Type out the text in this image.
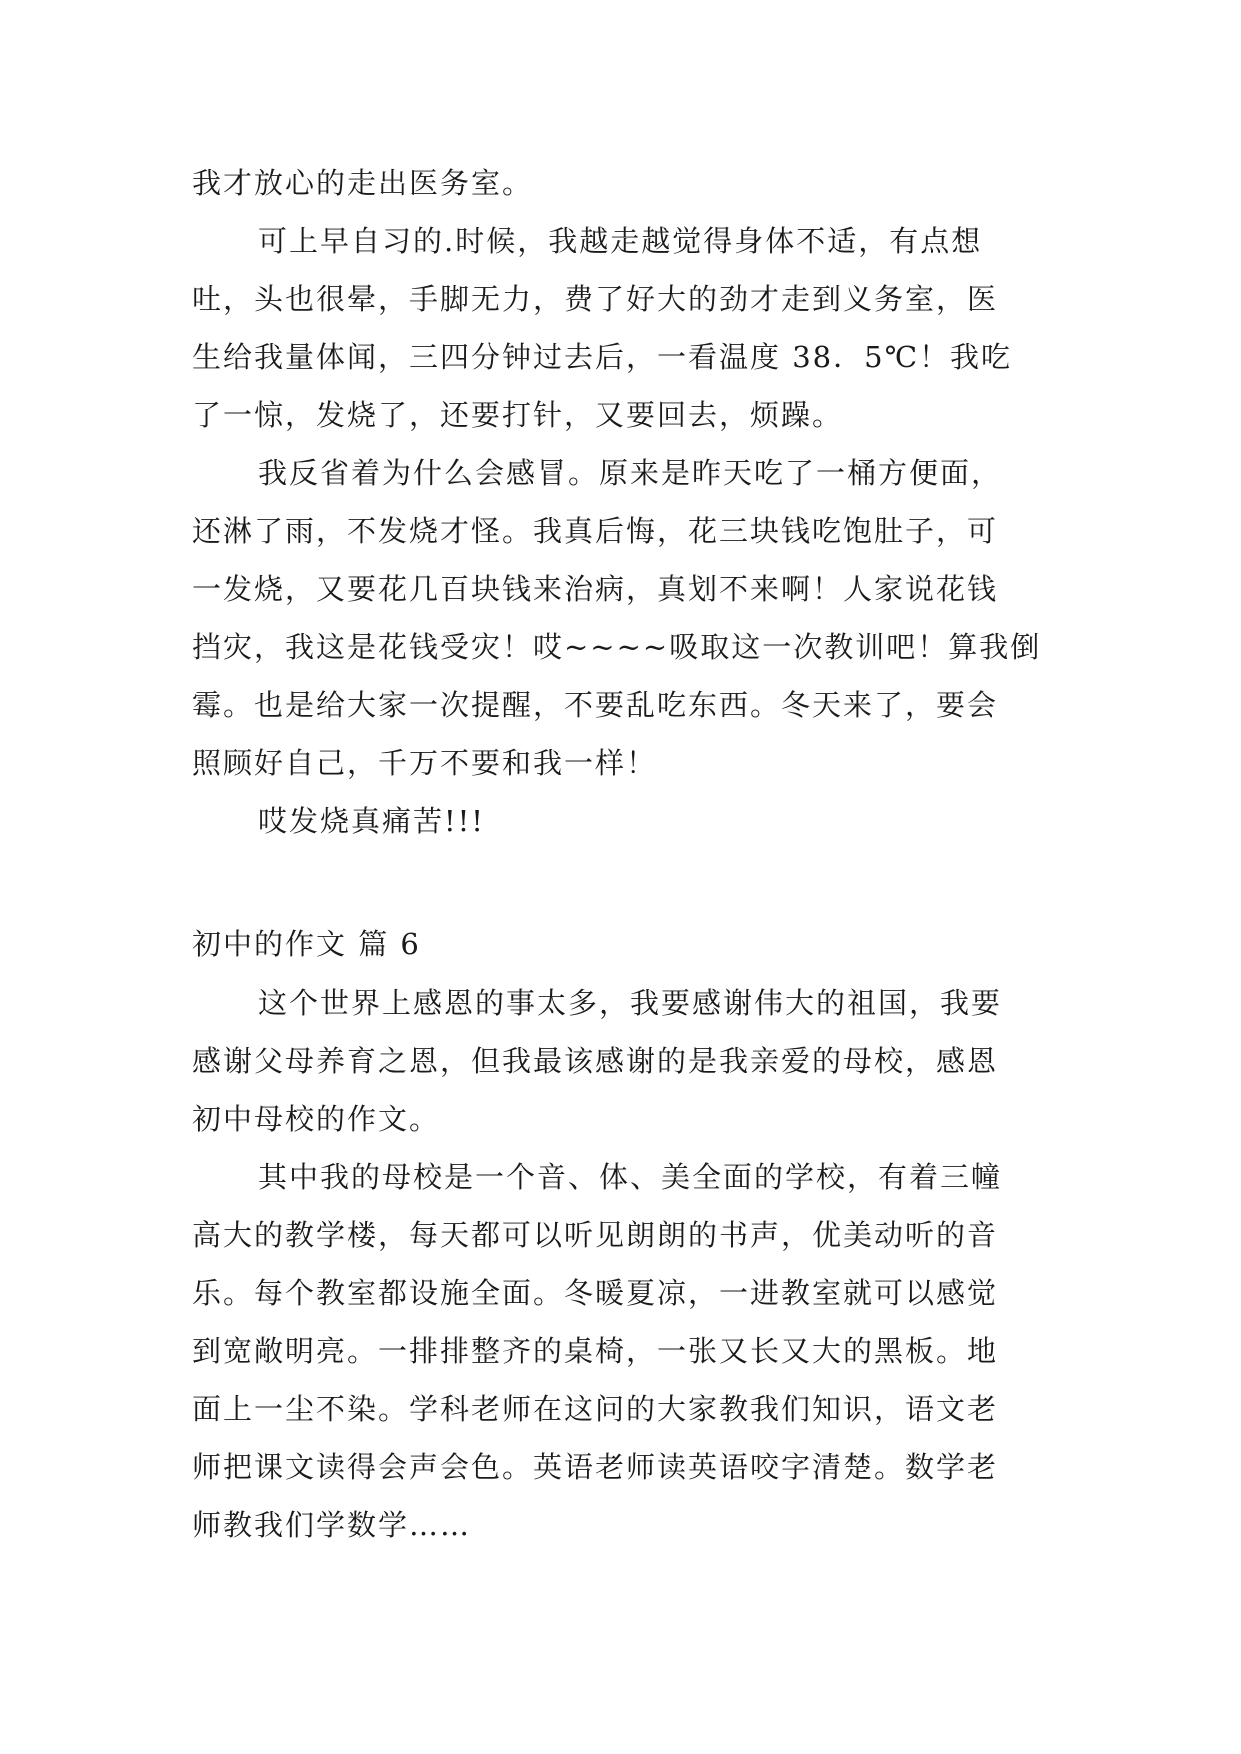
我才放心的走出医务室。
可上早自习的.时候，我越走越觉得身体不适，有点想
吐，头也很晕，手脚无力，费了好大的劲才走到义务室，医
生给我量体闻，三四分钟过去后，一看温度 38．5℃！我吃
了一惊，发烧了，还要打针，又要回去，烦躁。
我反省着为什么会感冒。原来是昨天吃了一桶方便面，
还淋了雨，不发烧才怪。我真后悔，花三块钱吃饱肚子，可
一发烧，又要花几百块钱来治病，真划不来啊！人家说花钱
挡灾，我这是花钱受灾！哎~~~~吸取这一次教训吧！算我倒
霉。也是给大家一次提醒，不要乱吃东西。冬天来了，要会
照顾好自己，千万不要和我一样！
哎发烧真痛苦!!!
初中的作文 篇 6
这个世界上感恩的事太多，我要感谢伟大的祖国，我要
感谢父母养育之恩，但我最该感谢的是我亲爱的母校，感恩
初中母校的作文。
其中我的母校是一个音、体、美全面的学校，有着三幢
高大的教学楼，每天都可以听见朗朗的书声，优美动听的音
乐。每个教室都设施全面。冬暖夏凉，一进教室就可以感觉
到宽敞明亮。一排排整齐的桌椅，一张又长又大的黑板。地
面上一尘不染。学科老师在这问的大家教我们知识，语文老
师把课文读得会声会色。英语老师读英语咬字清楚。数学老
师教我们学数学……
